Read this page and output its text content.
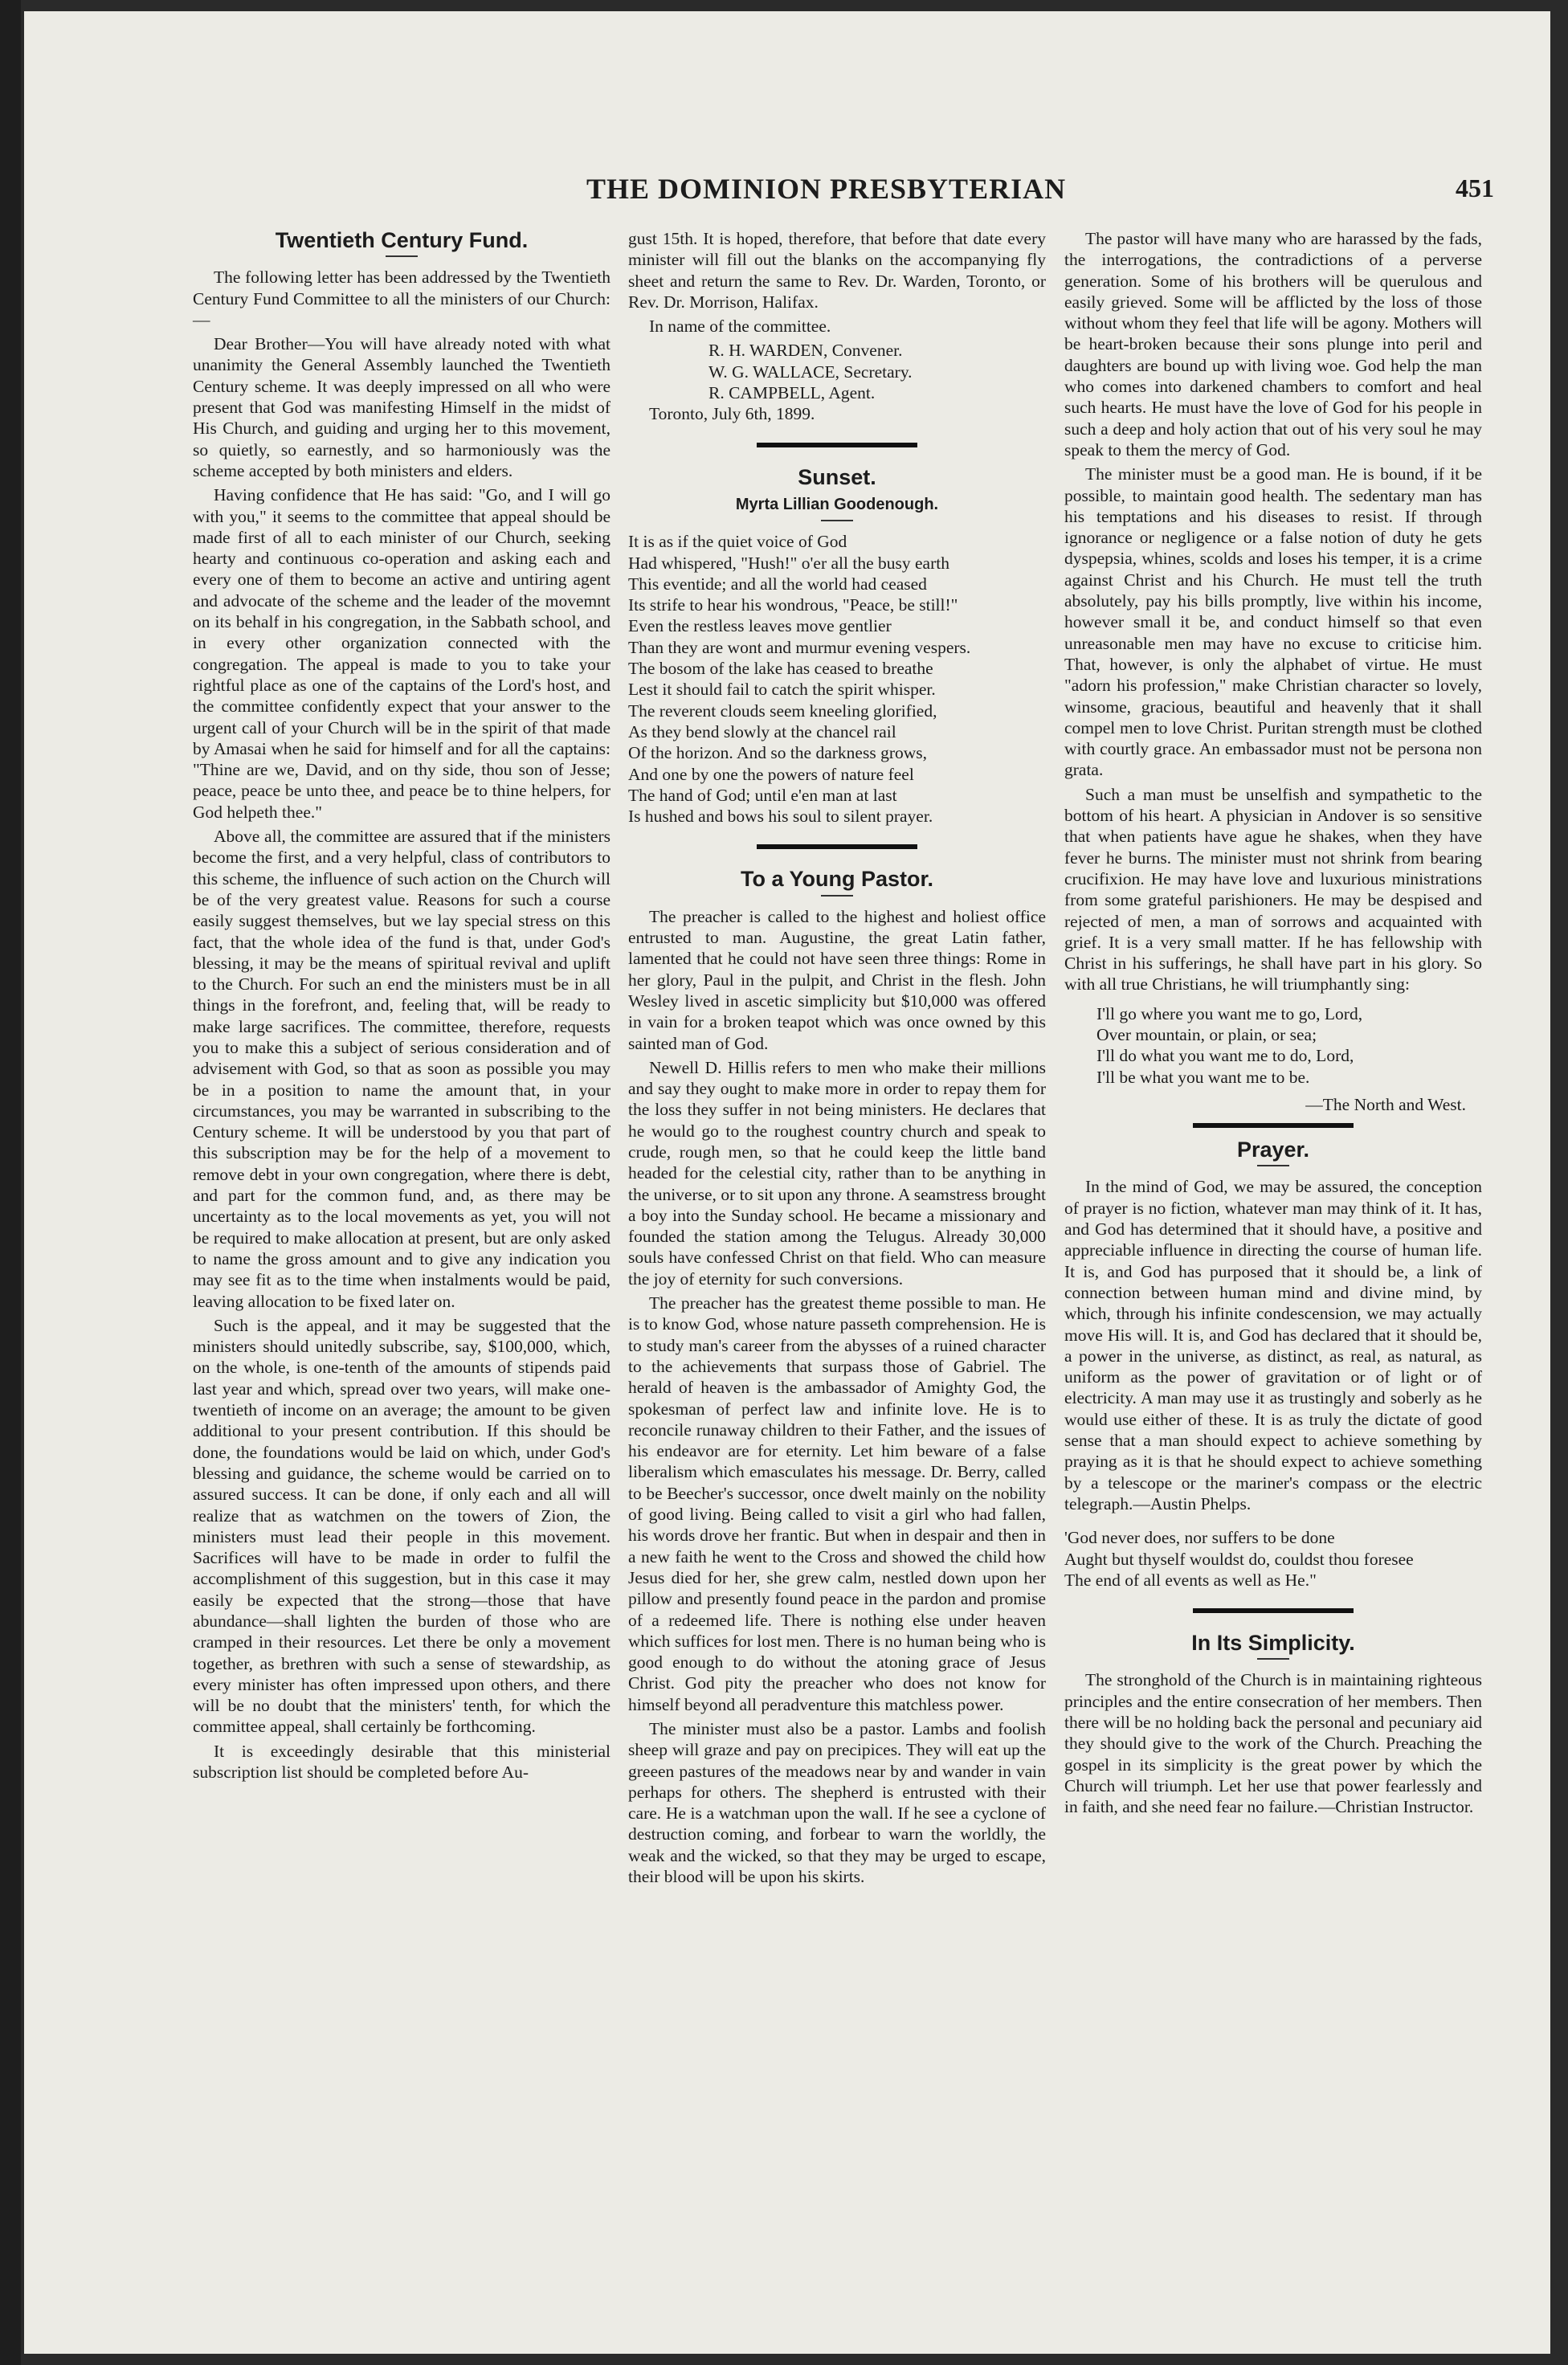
THE DOMINION PRESBYTERIAN	451
Twentieth Century Fund.

The following letter has been addressed by the Twentieth Century Fund Committee to all the ministers of our Church:—

Dear Brother—You will have already noted with what unanimity the General Assembly launched the Twentieth Century scheme. It was deeply impressed on all who were present that God was manifesting Himself in the midst of His Church, and guiding and urging her to this movement, so quietly, so earnestly, and so harmoniously was the scheme accepted by both ministers and elders.

Having confidence that He has said: "Go, and I will go with you," it seems to the committee that appeal should be made first of all to each minister of our Church, seeking hearty and continuous co-operation and asking each and every one of them to become an active and untiring agent and advocate of the scheme and the leader of the movemnt on its behalf in his congregation, in the Sabbath school, and in every other organization connected with the congregation. The appeal is made to you to take your rightful place as one of the captains of the Lord's host, and the committee confidently expect that your answer to the urgent call of your Church will be in the spirit of that made by Amasai when he said for himself and for all the captains: "Thine are we, David, and on thy side, thou son of Jesse; peace, peace be unto thee, and peace be to thine helpers, for God helpeth thee."

Above all, the committee are assured that if the ministers become the first, and a very helpful, class of contributors to this scheme, the influence of such action on the Church will be of the very greatest value. Reasons for such a course easily suggest themselves, but we lay special stress on this fact, that the whole idea of the fund is that, under God's blessing, it may be the means of spiritual revival and uplift to the Church. For such an end the ministers must be in all things in the forefront, and, feeling that, will be ready to make large sacrifices. The committee, therefore, requests you to make this a subject of serious consideration and of advisement with God, so that as soon as possible you may be in a position to name the amount that, in your circumstances, you may be warranted in subscribing to the Century scheme. It will be understood by you that part of this subscription may be for the help of a movement to remove debt in your own congregation, where there is debt, and part for the common fund, and, as there may be uncertainty as to the local movements as yet, you will not be required to make allocation at present, but are only asked to name the gross amount and to give any indication you may see fit as to the time when instalments would be paid, leaving allocation to be fixed later on.

Such is the appeal, and it may be suggested that the ministers should unitedly subscribe, say, $100,000, which, on the whole, is one-tenth of the amounts of stipends paid last year and which, spread over two years, will make one-twentieth of income on an average; the amount to be given additional to your present contribution. If this should be done, the foundations would be laid on which, under God's blessing and guidance, the scheme would be carried on to assured success. It can be done, if only each and all will realize that as watchmen on the towers of Zion, the ministers must lead their people in this movement. Sacrifices will have to be made in order to fulfil the accomplishment of this suggestion, but in this case it may easily be expected that the strong—those that have abundance—shall lighten the burden of those who are cramped in their resources. Let there be only a movement together, as brethren with such a sense of stewardship, as every minister has often impressed upon others, and there will be no doubt that the ministers' tenth, for which the committee appeal, shall certainly be forthcoming.

It is exceedingly desirable that this ministerial subscription list should be completed before Au-

gust 15th. It is hoped, therefore, that before that date every minister will fill out the blanks on the accompanying fly sheet and return the same to Rev. Dr. Warden, Toronto, or Rev. Dr. Morrison, Halifax.

In name of the committee.

R. H. WARDEN, Convener.
W. G. WALLACE, Secretary.
R. CAMPBELL, Agent.

Toronto, July 6th, 1899.

Sunset.
Myrta Lillian Goodenough.
It is as if the quiet voice of God
Had whispered, "Hush!" o'er all the busy earth
This eventide; and all the world had ceased
Its strife to hear his wondrous, "Peace, be still!"
Even the restless leaves move gentlier
Than they are wont and murmur evening vespers.
The bosom of the lake has ceased to breathe
Lest it should fail to catch the spirit whisper.
The reverent clouds seem kneeling glorified,
As they bend slowly at the chancel rail
Of the horizon. And so the darkness grows,
And one by one the powers of nature feel
The hand of God; until e'en man at last
Is hushed and bows his soul to silent prayer.
To a Young Pastor.

The preacher is called to the highest and holiest office entrusted to man. Augustine, the great Latin father, lamented that he could not have seen three things: Rome in her glory, Paul in the pulpit, and Christ in the flesh. John Wesley lived in ascetic simplicity but $10,000 was offered in vain for a broken teapot which was once owned by this sainted man of God.

Newell D. Hillis refers to men who make their millions and say they ought to make more in order to repay them for the loss they suffer in not being ministers. He declares that he would go to the roughest country church and speak to crude, rough men, so that he could keep the little band headed for the celestial city, rather than to be anything in the universe, or to sit upon any throne. A seamstress brought a boy into the Sunday school. He became a missionary and founded the station among the Telugus. Already 30,000 souls have confessed Christ on that field. Who can measure the joy of eternity for such conversions.

The preacher has the greatest theme possible to man. He is to know God, whose nature passeth comprehension. He is to study man's career from the abysses of a ruined character to the achievements that surpass those of Gabriel. The herald of heaven is the ambassador of Amighty God, the spokesman of perfect law and infinite love. He is to reconcile runaway children to their Father, and the issues of his endeavor are for eternity. Let him beware of a false liberalism which emasculates his message. Dr. Berry, called to be Beecher's successor, once dwelt mainly on the nobility of good living. Being called to visit a girl who had fallen, his words drove her frantic. But when in despair and then in a new faith he went to the Cross and showed the child how Jesus died for her, she grew calm, nestled down upon her pillow and presently found peace in the pardon and promise of a redeemed life. There is nothing else under heaven which suffices for lost men. There is no human being who is good enough to do without the atoning grace of Jesus Christ. God pity the preacher who does not know for himself beyond all peradventure this matchless power.

The minister must also be a pastor. Lambs and foolish sheep will graze and pay on precipices. They will eat up the greeen pastures of the meadows near by and wander in vain perhaps for others. The shepherd is entrusted with their care. He is a watchman upon the wall. If he see a cyclone of destruction coming, and forbear to warn the worldly, the weak and the wicked, so that they may be urged to escape, their blood will be upon his skirts.

The pastor will have many who are harassed by the fads, the interrogations, the contradictions of a perverse generation. Some of his brothers will be querulous and easily grieved. Some will be afflicted by the loss of those without whom they feel that life will be agony. Mothers will be heart-broken because their sons plunge into peril and daughters are bound up with living woe. God help the man who comes into darkened chambers to comfort and heal such hearts. He must have the love of God for his people in such a deep and holy action that out of his very soul he may speak to them the mercy of God.

The minister must be a good man. He is bound, if it be possible, to maintain good health. The sedentary man has his temptations and his diseases to resist. If through ignorance or negligence or a false notion of duty he gets dyspepsia, whines, scolds and loses his temper, it is a crime against Christ and his Church. He must tell the truth absolutely, pay his bills promptly, live within his income, however small it be, and conduct himself so that even unreasonable men may have no excuse to criticise him. That, however, is only the alphabet of virtue. He must "adorn his profession," make Christian character so lovely, winsome, gracious, beautiful and heavenly that it shall compel men to love Christ. Puritan strength must be clothed with courtly grace. An embassador must not be persona non grata.

Such a man must be unselfish and sympathetic to the bottom of his heart. A physician in Andover is so sensitive that when patients have ague he shakes, when they have fever he burns. The minister must not shrink from bearing crucifixion. He may have love and luxurious ministrations from some grateful parishioners. He may be despised and rejected of men, a man of sorrows and acquainted with grief. It is a very small matter. If he has fellowship with Christ in his sufferings, he shall have part in his glory. So with all true Christians, he will triumphantly sing:

I'll go where you want me to go, Lord,
Over mountain, or plain, or sea;
I'll do what you want me to do, Lord,
I'll be what you want me to be.
—The North and West.
Prayer.

In the mind of God, we may be assured, the conception of prayer is no fiction, whatever man may think of it. It has, and God has determined that it should have, a positive and appreciable influence in directing the course of human life. It is, and God has purposed that it should be, a link of connection between human mind and divine mind, by which, through his infinite condescension, we may actually move His will. It is, and God has declared that it should be, a power in the universe, as distinct, as real, as natural, as uniform as the power of gravitation or of light or of electricity. A man may use it as trustingly and soberly as he would use either of these. It is as truly the dictate of good sense that a man should expect to achieve something by praying as it is that he should expect to achieve something by a telescope or the mariner's compass or the electric telegraph.—Austin Phelps.

'God never does, nor suffers to be done
Aught but thyself wouldst do, couldst thou foresee
The end of all events as well as He."
In Its Simplicity.

The stronghold of the Church is in maintaining righteous principles and the entire consecration of her members. Then there will be no holding back the personal and pecuniary aid they should give to the work of the Church. Preaching the gospel in its simplicity is the great power by which the Church will triumph. Let her use that power fearlessly and in faith, and she need fear no failure.—Christian Instructor.
